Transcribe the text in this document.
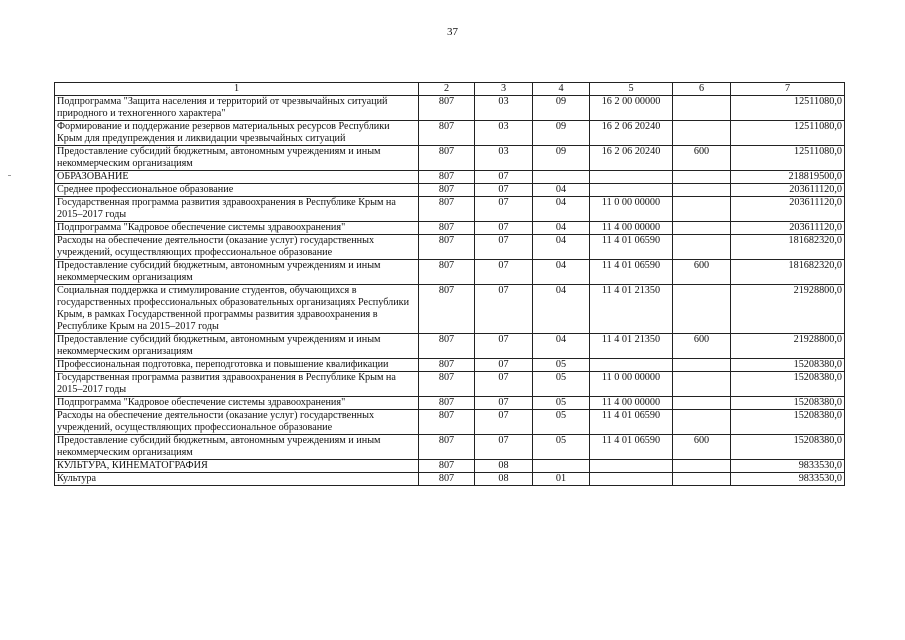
37
1	2	3	4	5	6	7
Подпрограмма "Защита населения и территорий от чрезвычайных ситуаций природного и техногенного характера"	807	03	09	16 2 00 00000		12511080,0
Формирование и поддержание резервов материальных ресурсов Республики Крым для предупреждения и ликвидации чрезвычайных ситуаций	807	03	09	16 2 06 20240		12511080,0
Предоставление субсидий бюджетным, автономным учреждениям и иным некоммерческим организациям	807	03	09	16 2 06 20240	600	12511080,0
ОБРАЗОВАНИЕ	807	07				218819500,0
Среднее профессиональное образование	807	07	04			203611120,0
Государственная программа развития здравоохранения в Республике Крым на 2015–2017 годы	807	07	04	11 0 00 00000		203611120,0
Подпрограмма "Кадровое обеспечение системы здравоохранения"	807	07	04	11 4 00 00000		203611120,0
Расходы на обеспечение деятельности (оказание услуг) государственных учреждений, осуществляющих профессиональное образование	807	07	04	11 4 01 06590		181682320,0
Предоставление субсидий бюджетным, автономным учреждениям и иным некоммерческим организациям	807	07	04	11 4 01 06590	600	181682320,0
Социальная поддержка и стимулирование студентов, обучающихся в государственных профессиональных образовательных организациях Республики Крым, в рамках Государственной программы развития здравоохранения в Республике Крым на 2015–2017 годы	807	07	04	11 4 01 21350		21928800,0
Предоставление субсидий бюджетным, автономным учреждениям и иным некоммерческим организациям	807	07	04	11 4 01 21350	600	21928800,0
Профессиональная подготовка, переподготовка и повышение квалификации	807	07	05			15208380,0
Государственная программа развития здравоохранения в Республике Крым на 2015–2017 годы	807	07	05	11 0 00 00000		15208380,0
Подпрограмма "Кадровое обеспечение системы здравоохранения"	807	07	05	11 4 00 00000		15208380,0
Расходы на обеспечение деятельности (оказание услуг) государственных учреждений, осуществляющих профессиональное образование	807	07	05	11 4 01 06590		15208380,0
Предоставление субсидий бюджетным, автономным учреждениям и иным некоммерческим организациям	807	07	05	11 4 01 06590	600	15208380,0
КУЛЬТУРА, КИНЕМАТОГРАФИЯ	807	08				9833530,0
Культура	807	08	01			9833530,0
